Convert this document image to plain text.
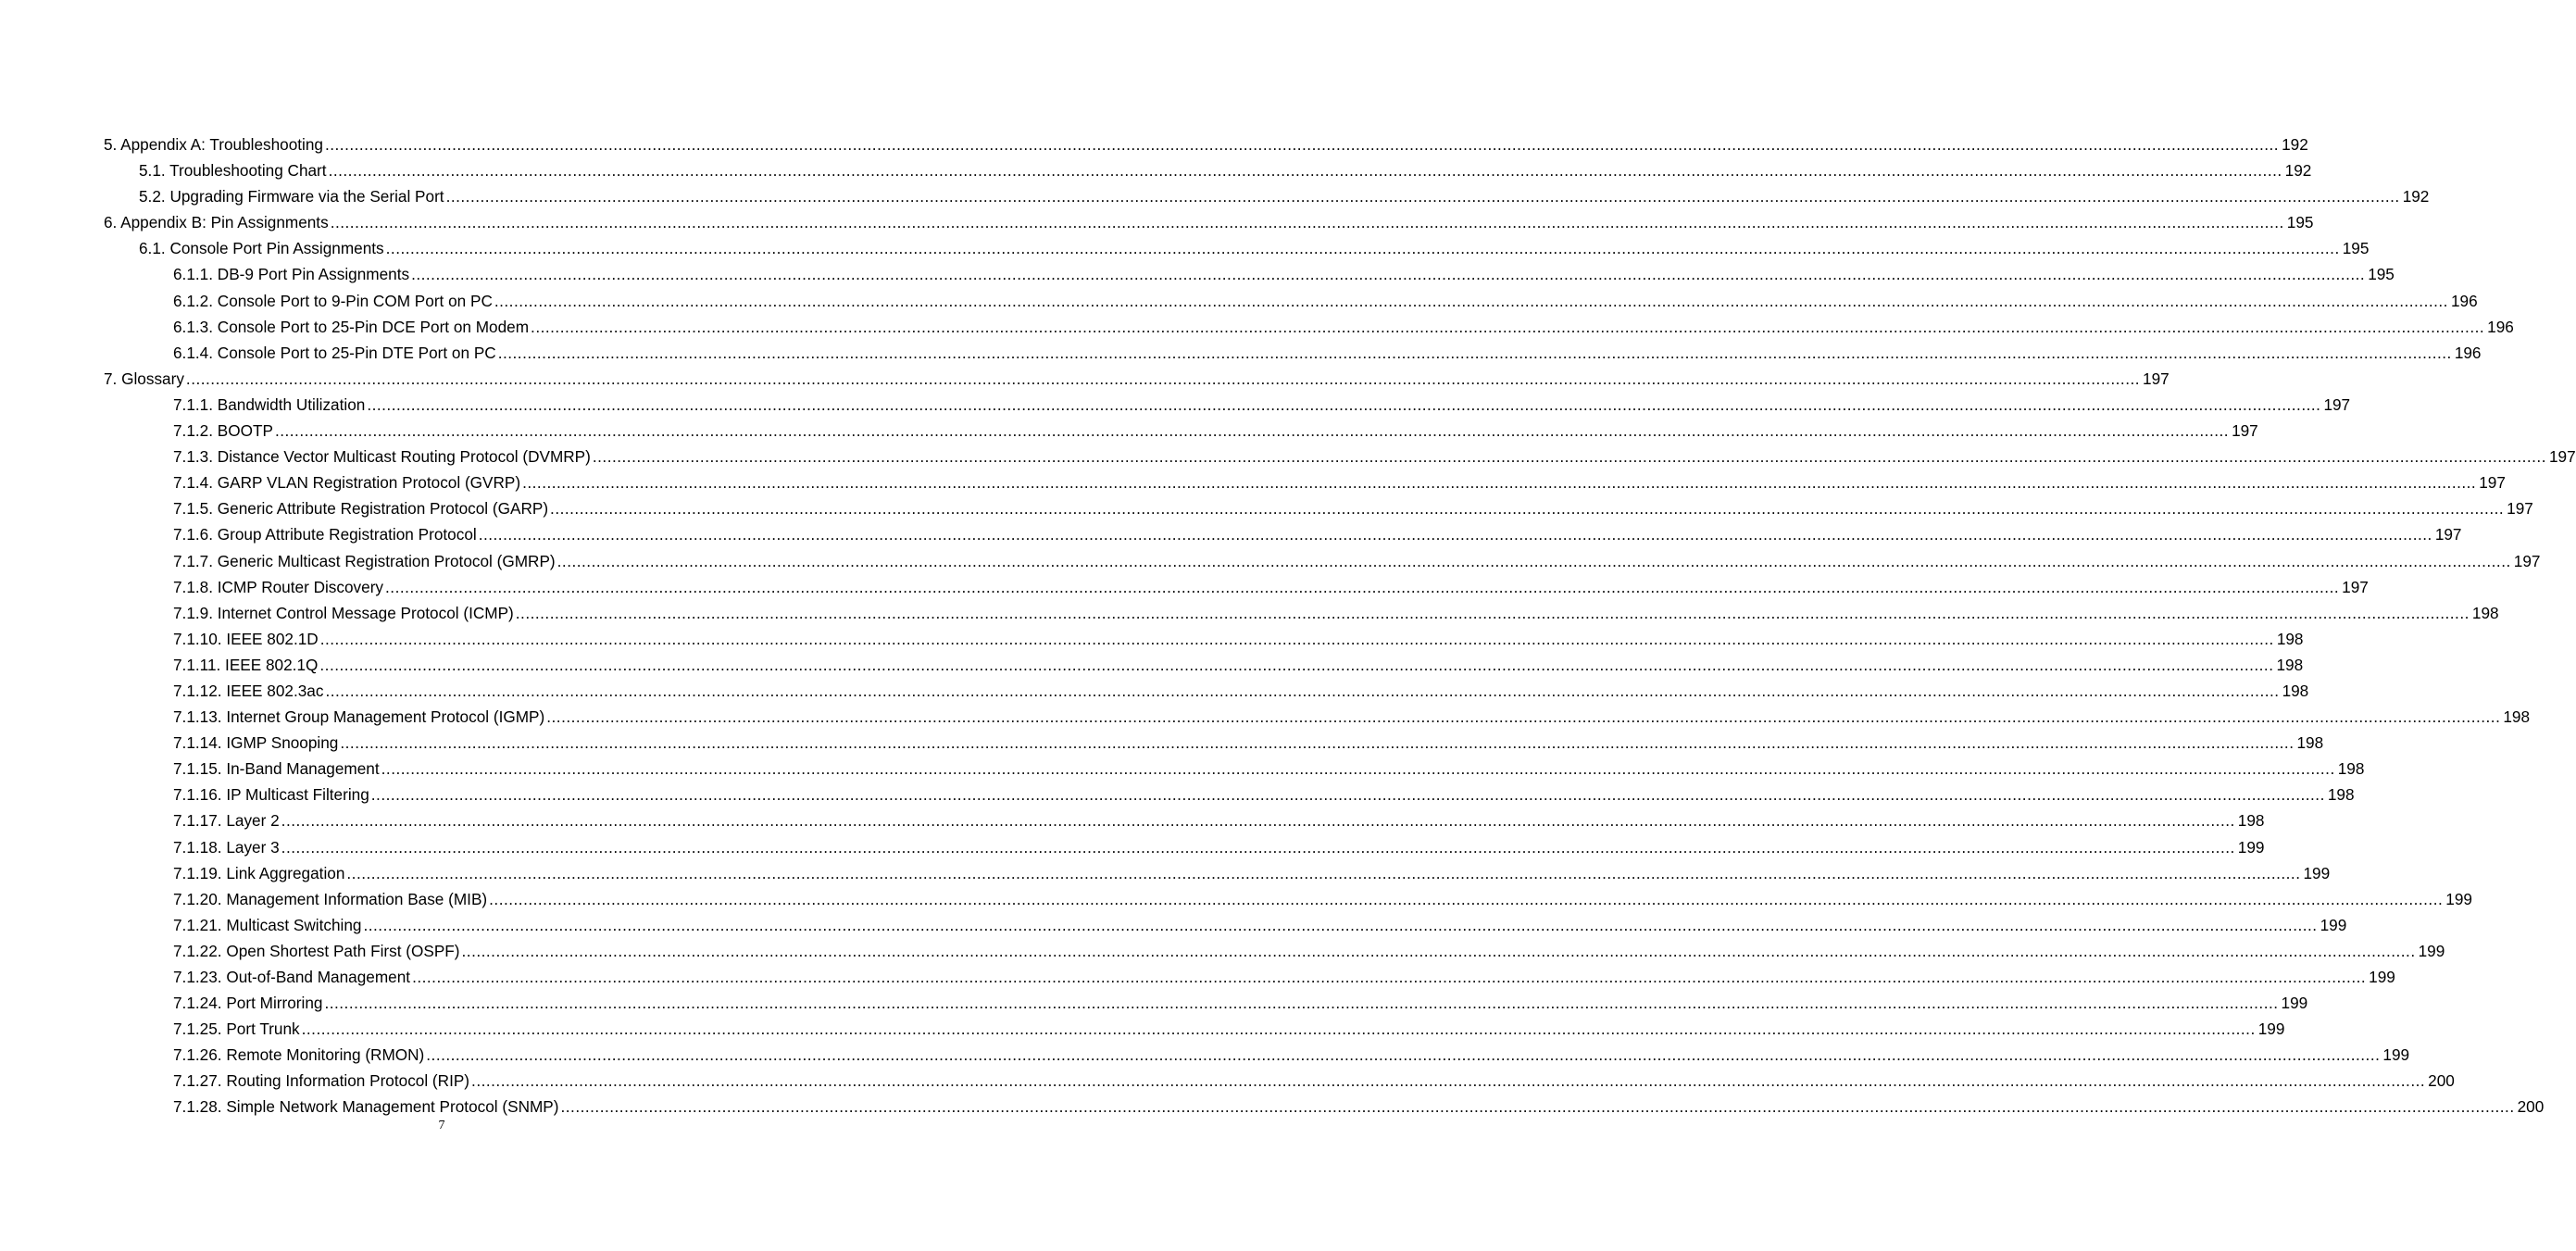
5. Appendix A: Troubleshooting ................................................................................................................................................................................................................................................................................................................................................................................................................ 192
5.1. Troubleshooting Chart ................................................................................................................................................................................................................................................................................................................................................................................................................ 192
5.2. Upgrading Firmware via the Serial Port ................................................................................................................................................................................................................................................................................................................................................................................................................ 192
6. Appendix B: Pin Assignments ................................................................................................................................................................................................................................................................................................................................................................................................................ 195
6.1. Console Port Pin Assignments ................................................................................................................................................................................................................................................................................................................................................................................................................ 195
6.1.1. DB-9 Port Pin Assignments ................................................................................................................................................................................................................................................................................................................................................................................................................ 195
6.1.2. Console Port to 9-Pin COM Port on PC ................................................................................................................................................................................................................................................................................................................................................................................................................ 196
6.1.3. Console Port to 25-Pin DCE Port on Modem ................................................................................................................................................................................................................................................................................................................................................................................................................ 196
6.1.4. Console Port to 25-Pin DTE Port on PC ................................................................................................................................................................................................................................................................................................................................................................................................................ 196
7. Glossary ................................................................................................................................................................................................................................................................................................................................................................................................................ 197
7.1.1. Bandwidth Utilization ................................................................................................................................................................................................................................................................................................................................................................................................................ 197
7.1.2. BOOTP ................................................................................................................................................................................................................................................................................................................................................................................................................ 197
7.1.3. Distance Vector Multicast Routing Protocol (DVMRP) ................................................................................................................................................................................................................................................................................................................................................................................................................ 197
7.1.4. GARP VLAN Registration Protocol (GVRP) ................................................................................................................................................................................................................................................................................................................................................................................................................ 197
7.1.5. Generic Attribute Registration Protocol (GARP) ................................................................................................................................................................................................................................................................................................................................................................................................................ 197
7.1.6. Group Attribute Registration Protocol ................................................................................................................................................................................................................................................................................................................................................................................................................ 197
7.1.7. Generic Multicast Registration Protocol (GMRP) ................................................................................................................................................................................................................................................................................................................................................................................................................ 197
7.1.8. ICMP Router Discovery ................................................................................................................................................................................................................................................................................................................................................................................................................ 197
7.1.9. Internet Control Message Protocol (ICMP) ................................................................................................................................................................................................................................................................................................................................................................................................................ 198
7.1.10. IEEE 802.1D ................................................................................................................................................................................................................................................................................................................................................................................................................ 198
7.1.11. IEEE 802.1Q ................................................................................................................................................................................................................................................................................................................................................................................................................ 198
7.1.12. IEEE 802.3ac ................................................................................................................................................................................................................................................................................................................................................................................................................ 198
7.1.13. Internet Group Management Protocol (IGMP) ................................................................................................................................................................................................................................................................................................................................................................................................................ 198
7.1.14. IGMP Snooping ................................................................................................................................................................................................................................................................................................................................................................................................................ 198
7.1.15. In-Band Management ................................................................................................................................................................................................................................................................................................................................................................................................................ 198
7.1.16. IP Multicast Filtering ................................................................................................................................................................................................................................................................................................................................................................................................................ 198
7.1.17. Layer 2 ................................................................................................................................................................................................................................................................................................................................................................................................................ 198
7.1.18. Layer 3 ................................................................................................................................................................................................................................................................................................................................................................................................................ 199
7.1.19. Link Aggregation ................................................................................................................................................................................................................................................................................................................................................................................................................ 199
7.1.20. Management Information Base (MIB) ................................................................................................................................................................................................................................................................................................................................................................................................................ 199
7.1.21. Multicast Switching ................................................................................................................................................................................................................................................................................................................................................................................................................ 199
7.1.22. Open Shortest Path First (OSPF) ................................................................................................................................................................................................................................................................................................................................................................................................................ 199
7.1.23. Out-of-Band Management ................................................................................................................................................................................................................................................................................................................................................................................................................ 199
7.1.24. Port Mirroring ................................................................................................................................................................................................................................................................................................................................................................................................................ 199
7.1.25. Port Trunk ................................................................................................................................................................................................................................................................................................................................................................................................................ 199
7.1.26. Remote Monitoring (RMON) ................................................................................................................................................................................................................................................................................................................................................................................................................ 199
7.1.27. Routing Information Protocol (RIP) ................................................................................................................................................................................................................................................................................................................................................................................................................ 200
7.1.28. Simple Network Management Protocol (SNMP) ................................................................................................................................................................................................................................................................................................................................................................................................................ 200
7
